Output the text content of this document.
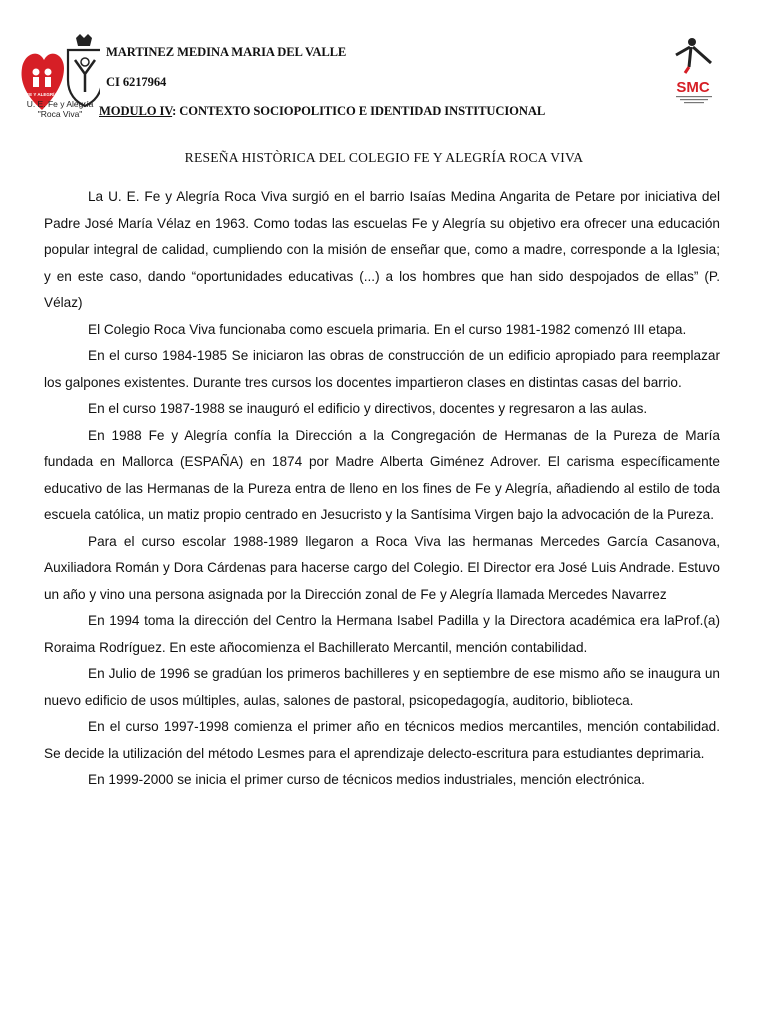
FE Y ALEGRÍA
U. E. Fe y Alegría
"Roca Viva"
SMC
MARTINEZ MEDINA MARIA DEL VALLE
CI 6217964
MODULO IV: CONTEXTO SOCIOPOLITICO E IDENTIDAD INSTITUCIONAL
RESEÑA HISTÒRICA DEL COLEGIO FE Y ALEGRÍA ROCA VIVA

La U. E. Fe y Alegría Roca Viva surgió en el barrio Isaías Medina Angarita de Petare por iniciativa del Padre José María Vélaz en 1963. Como todas las escuelas Fe y Alegría su objetivo era ofrecer una educación popular integral de calidad, cumpliendo con la misión de enseñar que, como a madre, corresponde a la Iglesia; y en este caso, dando “oportunidades educativas (...) a los hombres que han sido despojados de ellas” (P. Vélaz)

El Colegio Roca Viva funcionaba como escuela primaria. En el curso 1981-1982 comenzó III etapa.

En el curso 1984-1985 Se iniciaron las obras de construcción de un edificio apropiado para reemplazar los galpones existentes. Durante tres cursos los docentes impartieron clases en distintas casas del barrio.

En el curso 1987-1988 se inauguró el edificio y directivos, docentes y regresaron a las aulas.

En 1988 Fe y Alegría confía la Dirección a la Congregación de Hermanas de la Pureza de María fundada en Mallorca (ESPAÑA) en 1874 por Madre Alberta Giménez Adrover. El carisma específicamente educativo de las Hermanas de la Pureza entra de lleno en los fines de Fe y Alegría, añadiendo al estilo de toda escuela católica, un matiz propio centrado en Jesucristo y la Santísima Virgen bajo la advocación de la Pureza.

Para el curso escolar 1988-1989 llegaron a Roca Viva las hermanas Mercedes García Casanova, Auxiliadora Román y Dora Cárdenas para hacerse cargo del Colegio. El Director era José Luis Andrade. Estuvo un año y vino una persona asignada por la Dirección zonal de Fe y Alegría llamada Mercedes Navarrez

En 1994 toma la dirección del Centro la Hermana Isabel Padilla y la Directora académica era laProf.(a) Roraima Rodríguez. En este añocomienza el Bachillerato Mercantil, mención contabilidad.

En Julio de 1996 se gradúan los primeros bachilleres y en septiembre de ese mismo año se inaugura un nuevo edificio de usos múltiples, aulas, salones de pastoral, psicopedagogía, auditorio, biblioteca.

En el curso 1997-1998 comienza el primer año en técnicos medios mercantiles, mención contabilidad. Se decide la utilización del método Lesmes para el aprendizaje delecto-escritura para estudiantes deprimaria.

En 1999-2000 se inicia el primer curso de técnicos medios industriales, mención electrónica.
